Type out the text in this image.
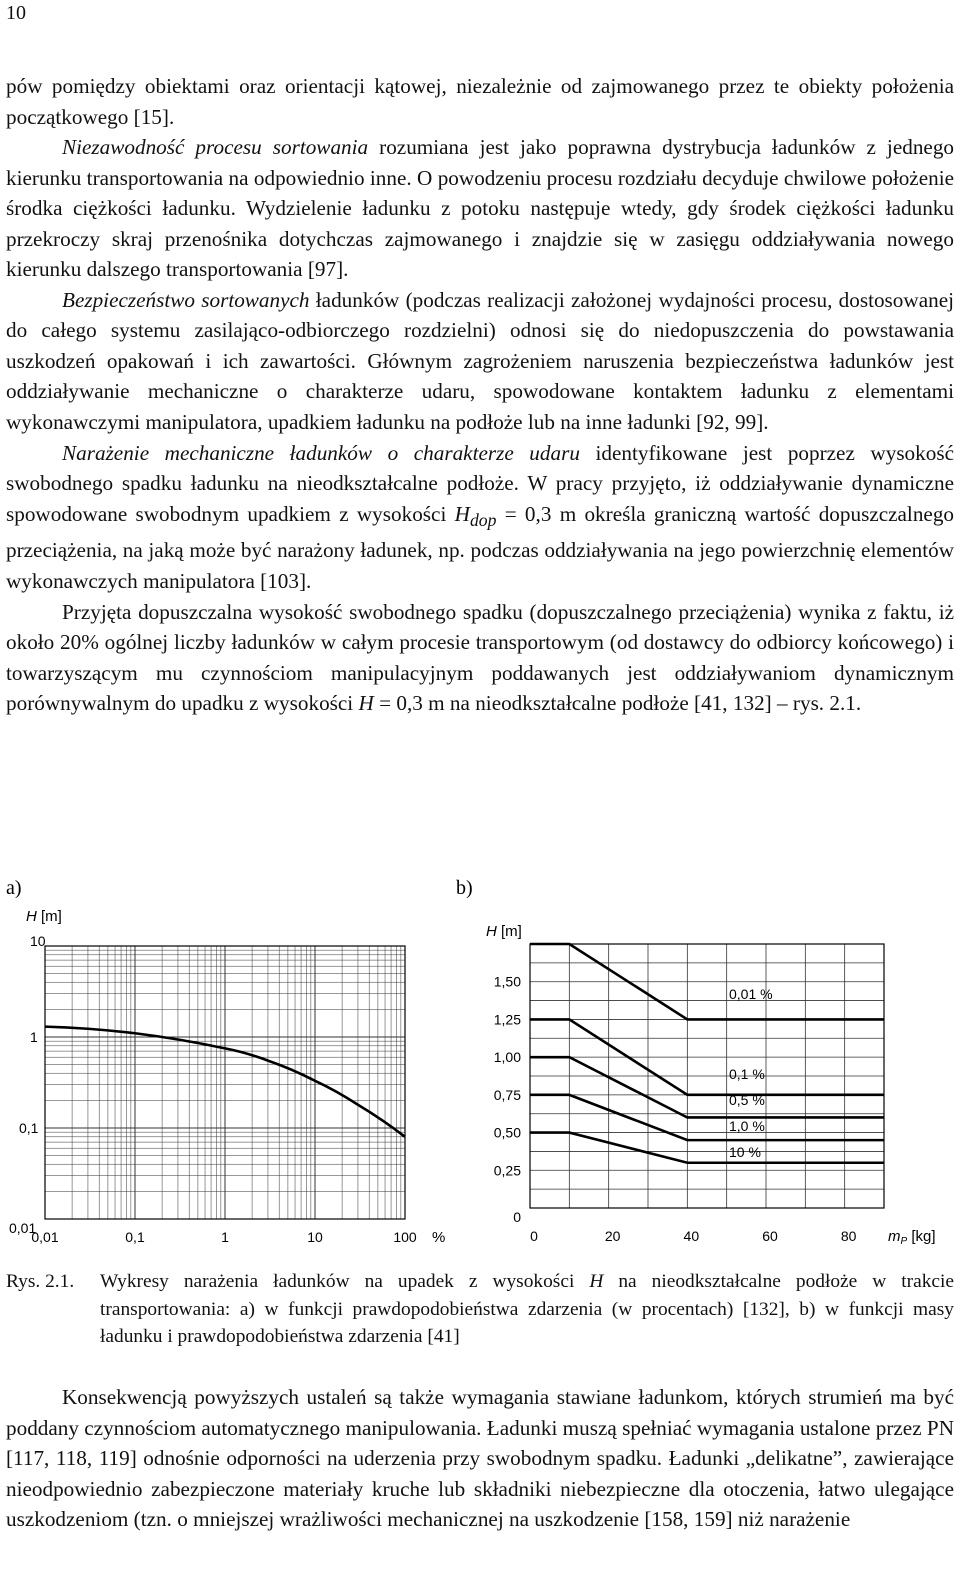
10

pów pomiędzy obiektami oraz orientacji kątowej, niezależnie od zajmowanego przez te obiekty położenia początkowego [15].

Niezawodność procesu sortowania rozumiana jest jako poprawna dystrybucja ładunków z jednego kierunku transportowania na odpowiednio inne. O powodzeniu procesu rozdziału decyduje chwilowe położenie środka ciężkości ładunku. Wydzielenie ładunku z potoku następuje wtedy, gdy środek ciężkości ładunku przekroczy skraj przenośnika dotychczas zajmowanego i znajdzie się w zasięgu oddziaływania nowego kierunku dalszego transportowania [97].

Bezpieczeństwo sortowanych ładunków (podczas realizacji założonej wydajności procesu, dostosowanej do całego systemu zasilająco-odbiorczego rozdzielni) odnosi się do niedopuszczenia do powstawania uszkodzeń opakowań i ich zawartości. Głównym zagrożeniem naruszenia bezpieczeństwa ładunków jest oddziaływanie mechaniczne o charakterze udaru, spowodowane kontaktem ładunku z elementami wykonawczymi manipulatora, upadkiem ładunku na podłoże lub na inne ładunki [92, 99].

Narażenie mechaniczne ładunków o charakterze udaru identyfikowane jest poprzez wysokość swobodnego spadku ładunku na nieodkształcalne podłoże. W pracy przyjęto, iż oddziaływanie dynamiczne spowodowane swobodnym upadkiem z wysokości $H_{dop} = 0,3$ m określa graniczną wartość dopuszczalnego przeciążenia, na jaką może być narażony ładunek, np. podczas oddziaływania na jego powierzchnię elementów wykonawczych manipulatora [103].

Przyjęta dopuszczalna wysokość swobodnego spadku (dopuszczalnego przeciążenia) wynika z faktu, iż około 20% ogólnej liczby ładunków w całym procesie transportowym (od dostawcy do odbiorcy końcowego) i towarzyszącym mu czynnościom manipulacyjnym poddawanych jest oddziaływaniom dynamicznym porównywalnym do upadku z wysokości H = 0,3 m na nieodkształcalne podłoże [41, 132] – rys. 2.1.

a)	b)
0,01
0,1
1
10
0,01	0,1	1	10	100 %
H [m]
0
0,25
0,50
0,75
1,00
1,25
1,50
0	20	40	60	80 $m_P$ [kg]
H [m]
0,01 %
0,1 %
0,5 %
1,0 %
10 %
Rys. 2.1. Wykresy narażenia ładunków na upadek z wysokości H na nieodkształcalne podłoże w trakcie transportowania: a) w funkcji prawdopodobieństwa zdarzenia (w procentach) [132], b) w funkcji masy ładunku i prawdopodobieństwa zdarzenia [41]

Konsekwencją powyższych ustaleń są także wymagania stawiane ładunkom, których strumień ma być poddany czynnościom automatycznego manipulowania. Ładunki muszą spełniać wymagania ustalone przez PN [117, 118, 119] odnośnie odporności na uderzenia przy swobodnym spadku. Ładunki „delikatne”, zawierające nieodpowiednio zabezpieczone materiały kruche lub składniki niebezpieczne dla otoczenia, łatwo ulegające uszkodzeniom (tzn. o mniejszej wrażliwości mechanicznej na uszkodzenie [158, 159] niż narażenie
